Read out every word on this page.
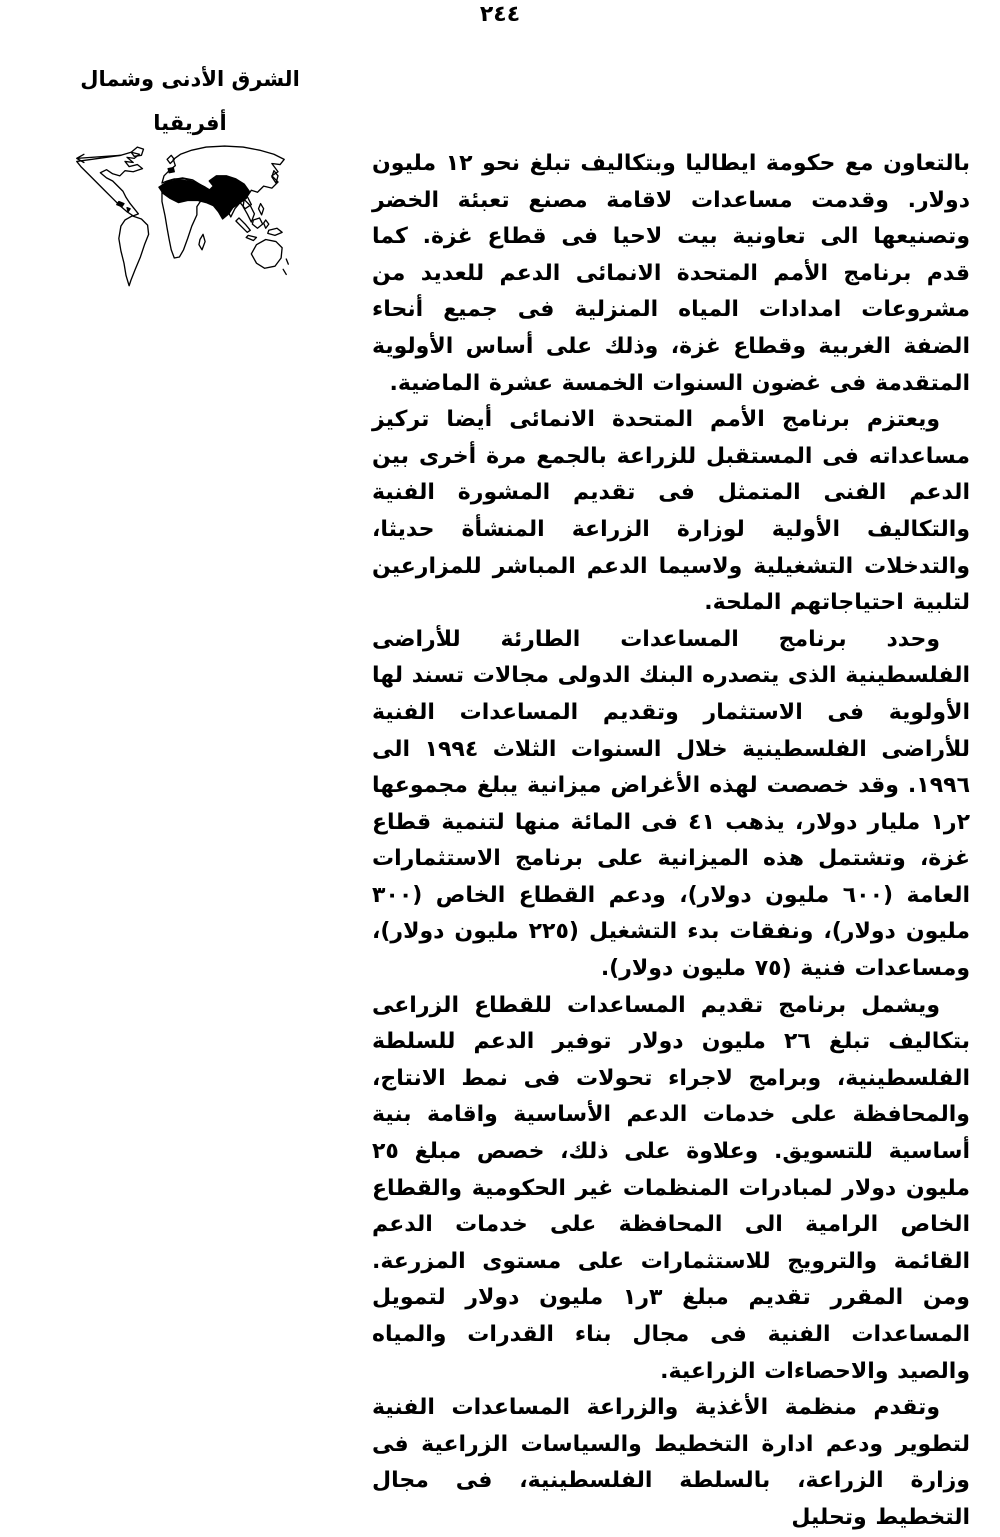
٢٤٤
الشرق الأدنى وشمال
أفريقيا

بالتعاون مع حكومة ايطاليا وبتكاليف تبلغ نحو ١٢ مليون دولار. وقدمت مساعدات لاقامة مصنع تعبئة الخضر وتصنيعها الى تعاونية بيت لاحيا فى قطاع غزة. كما قدم برنامج الأمم المتحدة الانمائى الدعم للعديد من مشروعات امدادات المياه المنزلية فى جميع أنحاء الضفة الغربية وقطاع غزة، وذلك على أساس الأولوية المتقدمة فى غضون السنوات الخمسة عشرة الماضية.

ويعتزم برنامج الأمم المتحدة الانمائى أيضا تركيز مساعداته فى المستقبل للزراعة بالجمع مرة أخرى بين الدعم الفنى المتمثل فى تقديم المشورة الفنية والتكاليف الأولية لوزارة الزراعة المنشأة حديثا، والتدخلات التشغيلية ولاسيما الدعم المباشر للمزارعين لتلبية احتياجاتهم الملحة.

وحدد برنامج المساعدات الطارئة للأراضى الفلسطينية الذى يتصدره البنك الدولى مجالات تسند لها الأولوية فى الاستثمار وتقديم المساعدات الفنية للأراضى الفلسطينية خلال السنوات الثلاث ١٩٩٤ الى ١٩٩٦. وقد خصصت لهذه الأغراض ميزانية يبلغ مجموعها ٢ر١ مليار دولار، يذهب ٤١ فى المائة منها لتنمية قطاع غزة، وتشتمل هذه الميزانية على برنامج الاستثمارات العامة (٦٠٠ مليون دولار)، ودعم القطاع الخاص (٣٠٠ مليون دولار)، ونفقات بدء التشغيل (٢٢٥ مليون دولار)، ومساعدات فنية (٧٥ مليون دولار).

ويشمل برنامج تقديم المساعدات للقطاع الزراعى بتكاليف تبلغ ٢٦ مليون دولار توفير الدعم للسلطة الفلسطينية، وبرامج لاجراء تحولات فى نمط الانتاج، والمحافظة على خدمات الدعم الأساسية واقامة بنية أساسية للتسويق. وعلاوة على ذلك، خصص مبلغ ٢٥ مليون دولار لمبادرات المنظمات غير الحكومية والقطاع الخاص الرامية الى المحافظة على خدمات الدعم القائمة والترويج للاستثمارات على مستوى المزرعة. ومن المقرر تقديم مبلغ ٣ر١ مليون دولار لتمويل المساعدات الفنية فى مجال بناء القدرات والمياه والصيد والاحصاءات الزراعية.

وتقدم منظمة الأغذية والزراعة المساعدات الفنية لتطوير ودعم ادارة التخطيط والسياسات الزراعية فى وزارة الزراعة، بالسلطة الفلسطينية، فى مجال التخطيط وتحليل
